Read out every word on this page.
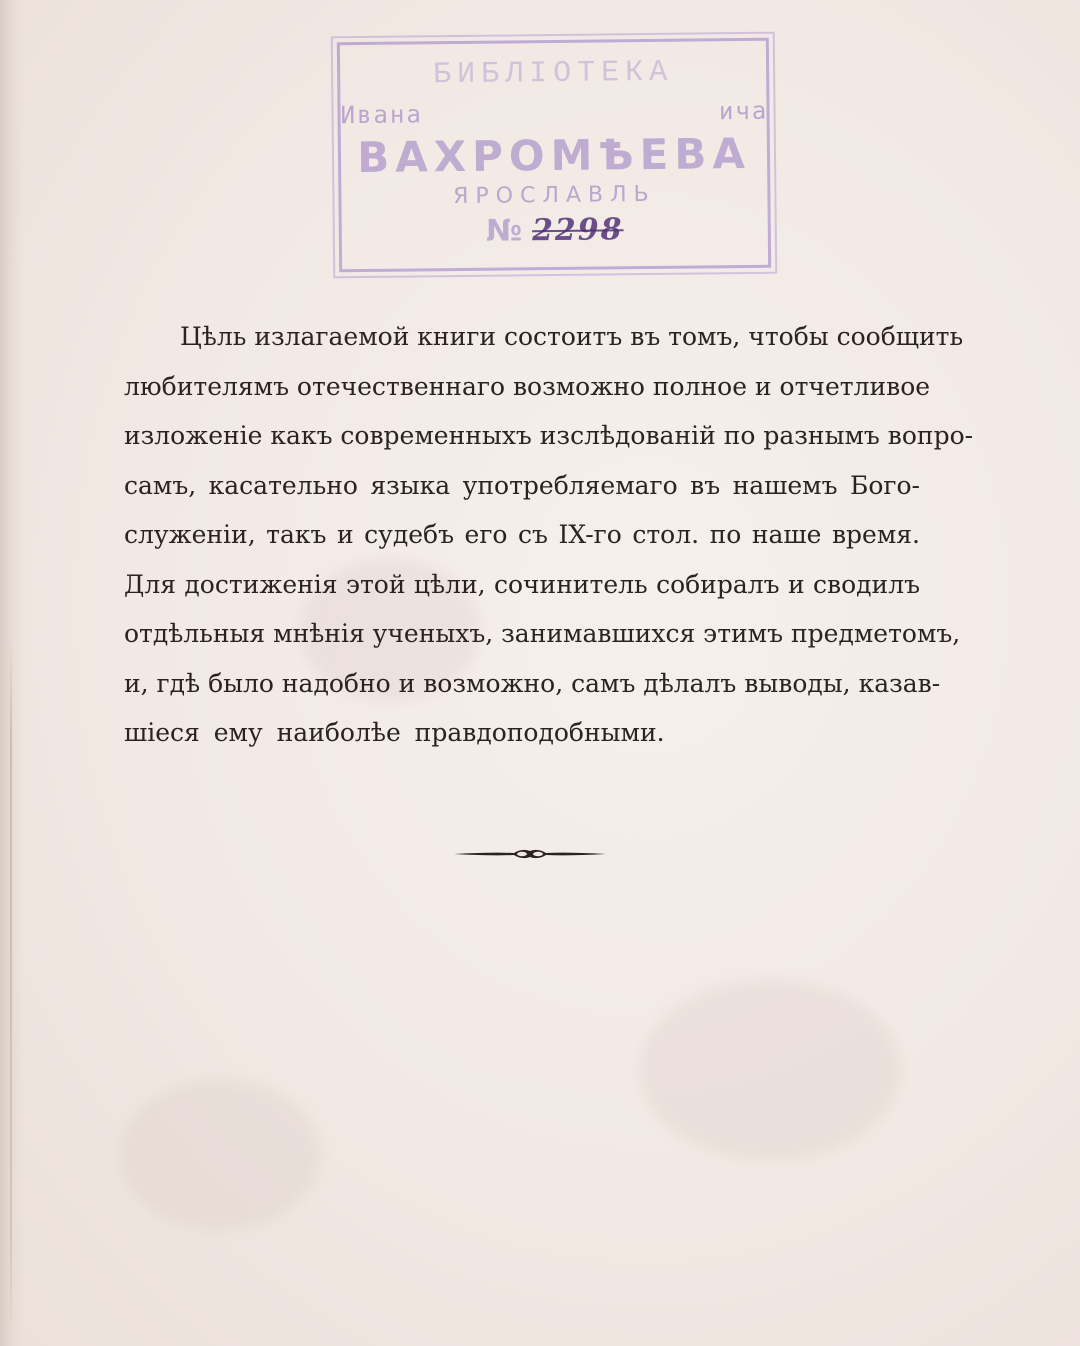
БИБЛІОТЕКА
Ивана                  ича
ВАХРОМѢЕВА
ЯРОСЛАВЛЬ
№ 2298
Цѣль излагаемой книги состоитъ въ томъ, чтобы сообщить
любителямъ отечественнаго возможно полное и отчетливое
изложеніе какъ современныхъ изслѣдованій по разнымъ вопро-
самъ, касательно языка употребляемаго въ нашемъ Бого-
служеніи, такъ и судебъ его съ IX-го стол. по наше время.
Для достиженія этой цѣли, сочинитель собиралъ и сводилъ
отдѣльныя мнѣнія ученыхъ, занимавшихся этимъ предметомъ,
и, гдѣ было надобно и возможно, самъ дѣлалъ выводы, казав-
шіеся ему наиболѣе правдоподобными.
